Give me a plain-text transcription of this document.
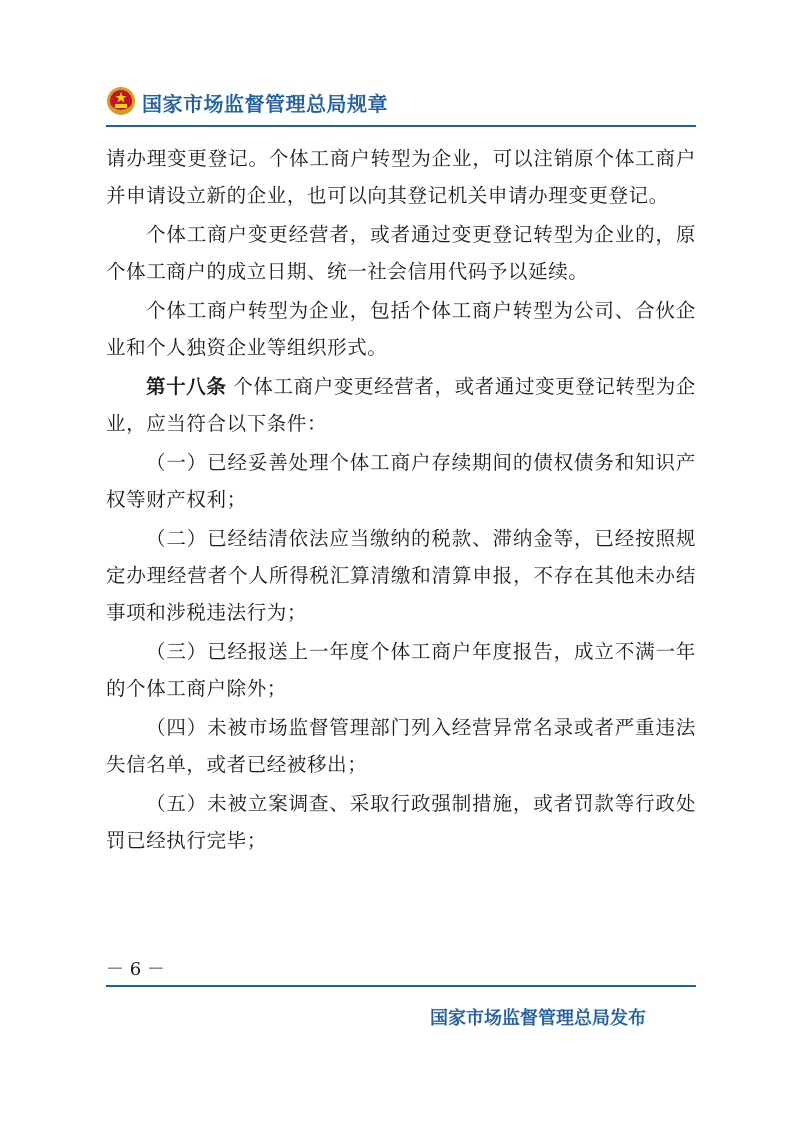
国家市场监督管理总局规章

请办理变更登记。个体工商户转型为企业，可以注销原个体工商户并申请设立新的企业，也可以向其登记机关申请办理变更登记。

个体工商户变更经营者，或者通过变更登记转型为企业的，原个体工商户的成立日期、统一社会信用代码予以延续。

个体工商户转型为企业，包括个体工商户转型为公司、合伙企业和个人独资企业等组织形式。

第十八条 个体工商户变更经营者，或者通过变更登记转型为企业，应当符合以下条件：

（一）已经妥善处理个体工商户存续期间的债权债务和知识产权等财产权利；

（二）已经结清依法应当缴纳的税款、滞纳金等，已经按照规定办理经营者个人所得税汇算清缴和清算申报，不存在其他未办结事项和涉税违法行为；

（三）已经报送上一年度个体工商户年度报告，成立不满一年的个体工商户除外；

（四）未被市场监督管理部门列入经营异常名录或者严重违法失信名单，或者已经被移出；

（五）未被立案调查、采取行政强制措施，或者罚款等行政处罚已经执行完毕；

－ 6 －
国家市场监督管理总局发布
